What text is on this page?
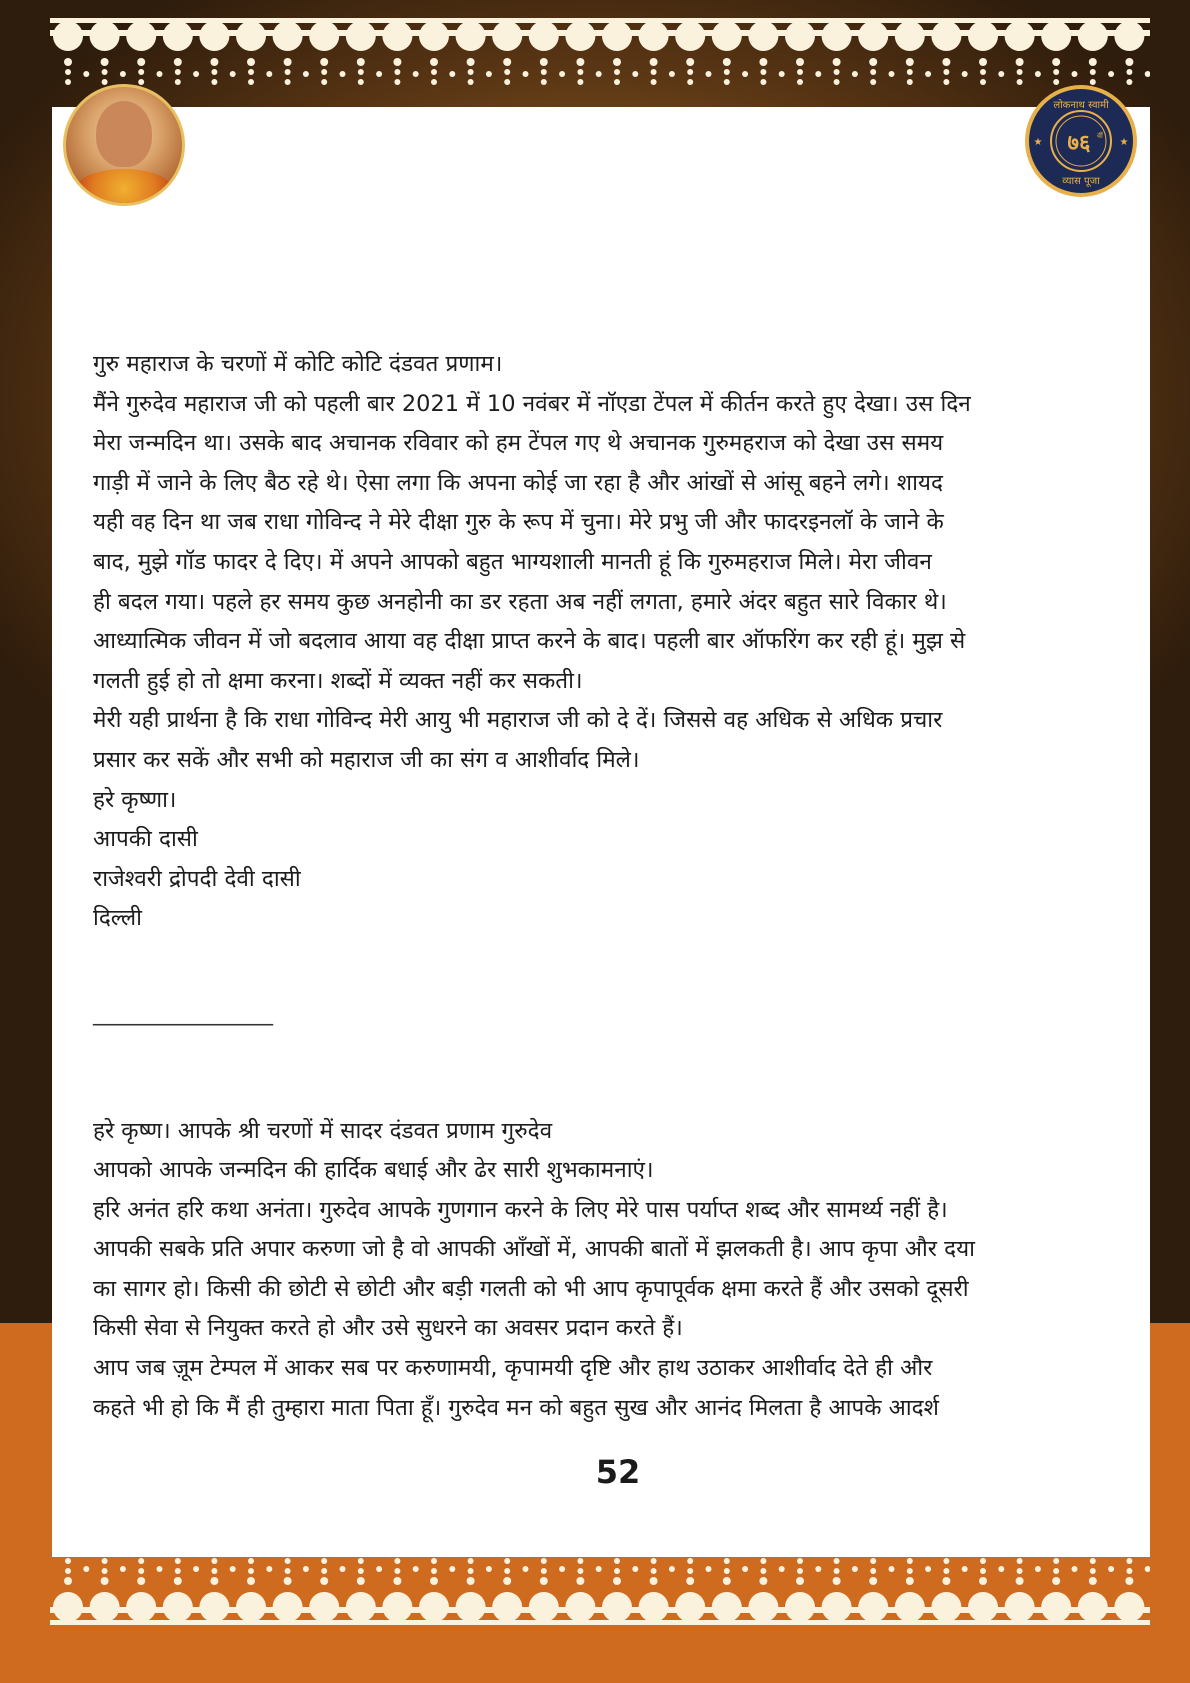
लोकनाथ स्वामी
७६ वीं
व्यास पूजा
★	★

गुरु महाराज के चरणों में कोटि कोटि दंडवत प्रणाम।

मैंने गुरुदेव महाराज जी को पहली बार 2021 में 10 नवंबर में नॉएडा टेंपल में कीर्तन करते हुए देखा। उस दिन

मेरा जन्मदिन था। उसके बाद अचानक रविवार को हम टेंपल गए थे अचानक गुरुमहराज को देखा उस समय

गाड़ी में जाने के लिए बैठ रहे थे। ऐसा लगा कि अपना कोई जा रहा है और आंखों से आंसू बहने लगे। शायद

यही वह दिन था जब राधा गोविन्द ने मेरे दीक्षा गुरु के रूप में चुना। मेरे प्रभु जी और फादरइनलॉ के जाने के

बाद, मुझे गॉड फादर दे दिए। में अपने आपको बहुत भाग्यशाली मानती हूं कि गुरुमहराज मिले। मेरा जीवन

ही बदल गया। पहले हर समय कुछ अनहोनी का डर रहता अब नहीं लगता, हमारे अंदर बहुत सारे विकार थे।

आध्यात्मिक जीवन में जो बदलाव आया वह दीक्षा प्राप्त करने के बाद। पहली बार ऑफरिंग कर रही हूं। मुझ से

गलती हुई हो तो क्षमा करना। शब्दों में व्यक्त नहीं कर सकती।

मेरी यही प्रार्थना है कि राधा गोविन्द मेरी आयु भी महाराज जी को दे दें। जिससे वह अधिक से अधिक प्रचार

प्रसार कर सकें और सभी को महाराज जी का संग व आशीर्वाद मिले।

हरे कृष्णा।

आपकी दासी

राजेश्वरी द्रोपदी देवी दासी

दिल्ली

________________

हरे कृष्ण। आपके श्री चरणों में सादर दंडवत प्रणाम गुरुदेव

आपको आपके जन्मदिन की हार्दिक बधाई और ढेर सारी शुभकामनाएं।

हरि अनंत हरि कथा अनंता। गुरुदेव आपके गुणगान करने के लिए मेरे पास पर्याप्त शब्द और सामर्थ्य नहीं है।

आपकी सबके प्रति अपार करुणा जो है वो आपकी आँखों में, आपकी बातों में झलकती है। आप कृपा और दया

का सागर हो। किसी की छोटी से छोटी और बड़ी गलती को भी आप कृपापूर्वक क्षमा करते हैं और उसको दूसरी

किसी सेवा से नियुक्त करते हो और उसे सुधरने का अवसर प्रदान करते हैं।

आप जब ज़ूम टेम्पल में आकर सब पर करुणामयी, कृपामयी दृष्टि और हाथ उठाकर आशीर्वाद देते ही और

कहते भी हो कि मैं ही तुम्हारा माता पिता हूँ। गुरुदेव मन को बहुत सुख और आनंद मिलता है आपके आदर्श

52
